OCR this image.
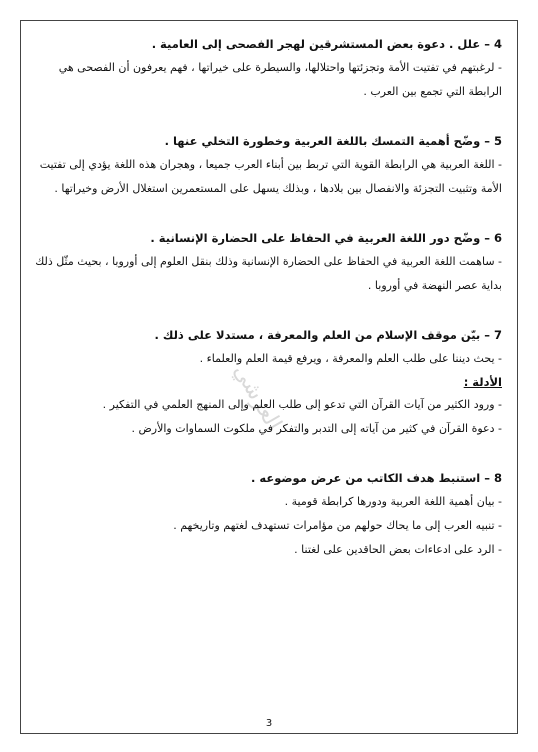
العرشي
4 – علل . دعوة بعض المستشرقين لهجر الفصحى إلى العامية .
- لرغبتهم في تفتيت الأمة وتجزئتها واحتلالها، والسيطرة على خيراتها ، فهم يعرفون أن الفصحى هي
الرابطة التي تجمع بين العرب .
5 – وضّح أهمية التمسك باللغة العربية وخطورة التخلي عنها .
- اللغة العربية هي الرابطة القوية التي تربط بين أبناء العرب جميعا ، وهجران هذه اللغة يؤدي إلى تفتيت
الأمة وتثبيت التجزئة والانفصال بين بلادها ، وبذلك يسهل على المستعمرين استغلال الأرض وخيراتها .
6 – وضّح دور اللغة العربية في الحفاظ على الحضارة الإنسانية .
- ساهمت اللغة العربية في الحفاظ على الحضارة الإنسانية وذلك بنقل العلوم إلى أوروبا ، بحيث مثّل ذلك
بداية عصر النهضة في أوروبا .
7 – بيّن موقف الإسلام من العلم والمعرفة ، مستدلا على ذلك .
- يحث ديننا على طلب العلم والمعرفة ، ويرفع قيمة العلم والعلماء .
الأدلة :
- ورود الكثير من آيات القرآن التي تدعو إلى طلب العلم وإلى المنهج العلمي في التفكير .
- دعوة القرآن في كثير من آياته إلى التدبر والتفكر في ملكوت السماوات والأرض .
8 – استنبط هدف الكاتب من عرض موضوعه .
- بيان أهمية اللغة العربية ودورها كرابطة قومية .
- تنبيه العرب إلى ما يحاك حولهم من مؤامرات تستهدف لغتهم وتاريخهم .
- الرد على ادعاءات بعض الحاقدين على لغتنا .
3
